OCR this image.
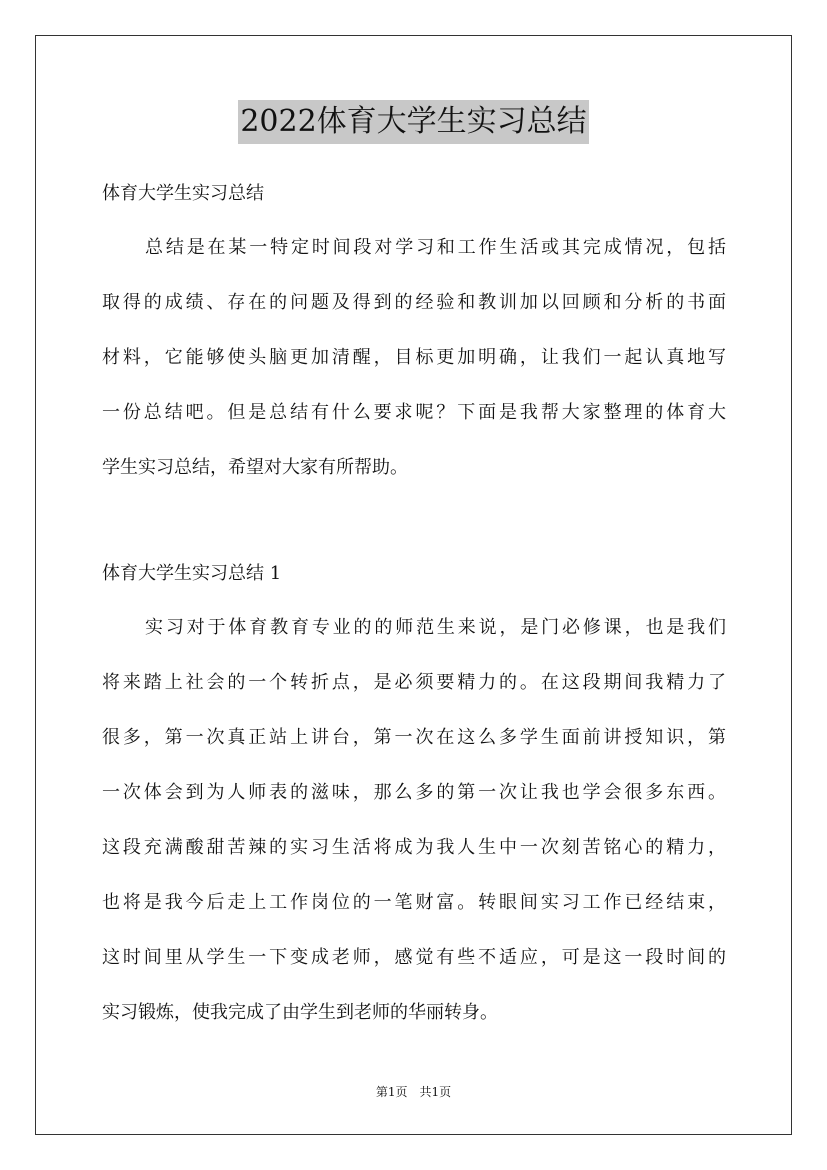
2022体育大学生实习总结
体育大学生实习总结
总结是在某一特定时间段对学习和工作生活或其完成情况，包括
取得的成绩、存在的问题及得到的经验和教训加以回顾和分析的书面
材料，它能够使头脑更加清醒，目标更加明确，让我们一起认真地写
一份总结吧。但是总结有什么要求呢？下面是我帮大家整理的体育大
学生实习总结，希望对大家有所帮助。
体育大学生实习总结 1
实习对于体育教育专业的的师范生来说，是门必修课，也是我们
将来踏上社会的一个转折点，是必须要精力的。在这段期间我精力了
很多，第一次真正站上讲台，第一次在这么多学生面前讲授知识，第
一次体会到为人师表的滋味，那么多的第一次让我也学会很多东西。
这段充满酸甜苦辣的实习生活将成为我人生中一次刻苦铭心的精力，
也将是我今后走上工作岗位的一笔财富。转眼间实习工作已经结束，
这时间里从学生一下变成老师，感觉有些不适应，可是这一段时间的
实习锻炼，使我完成了由学生到老师的华丽转身。
第1页　共1页
